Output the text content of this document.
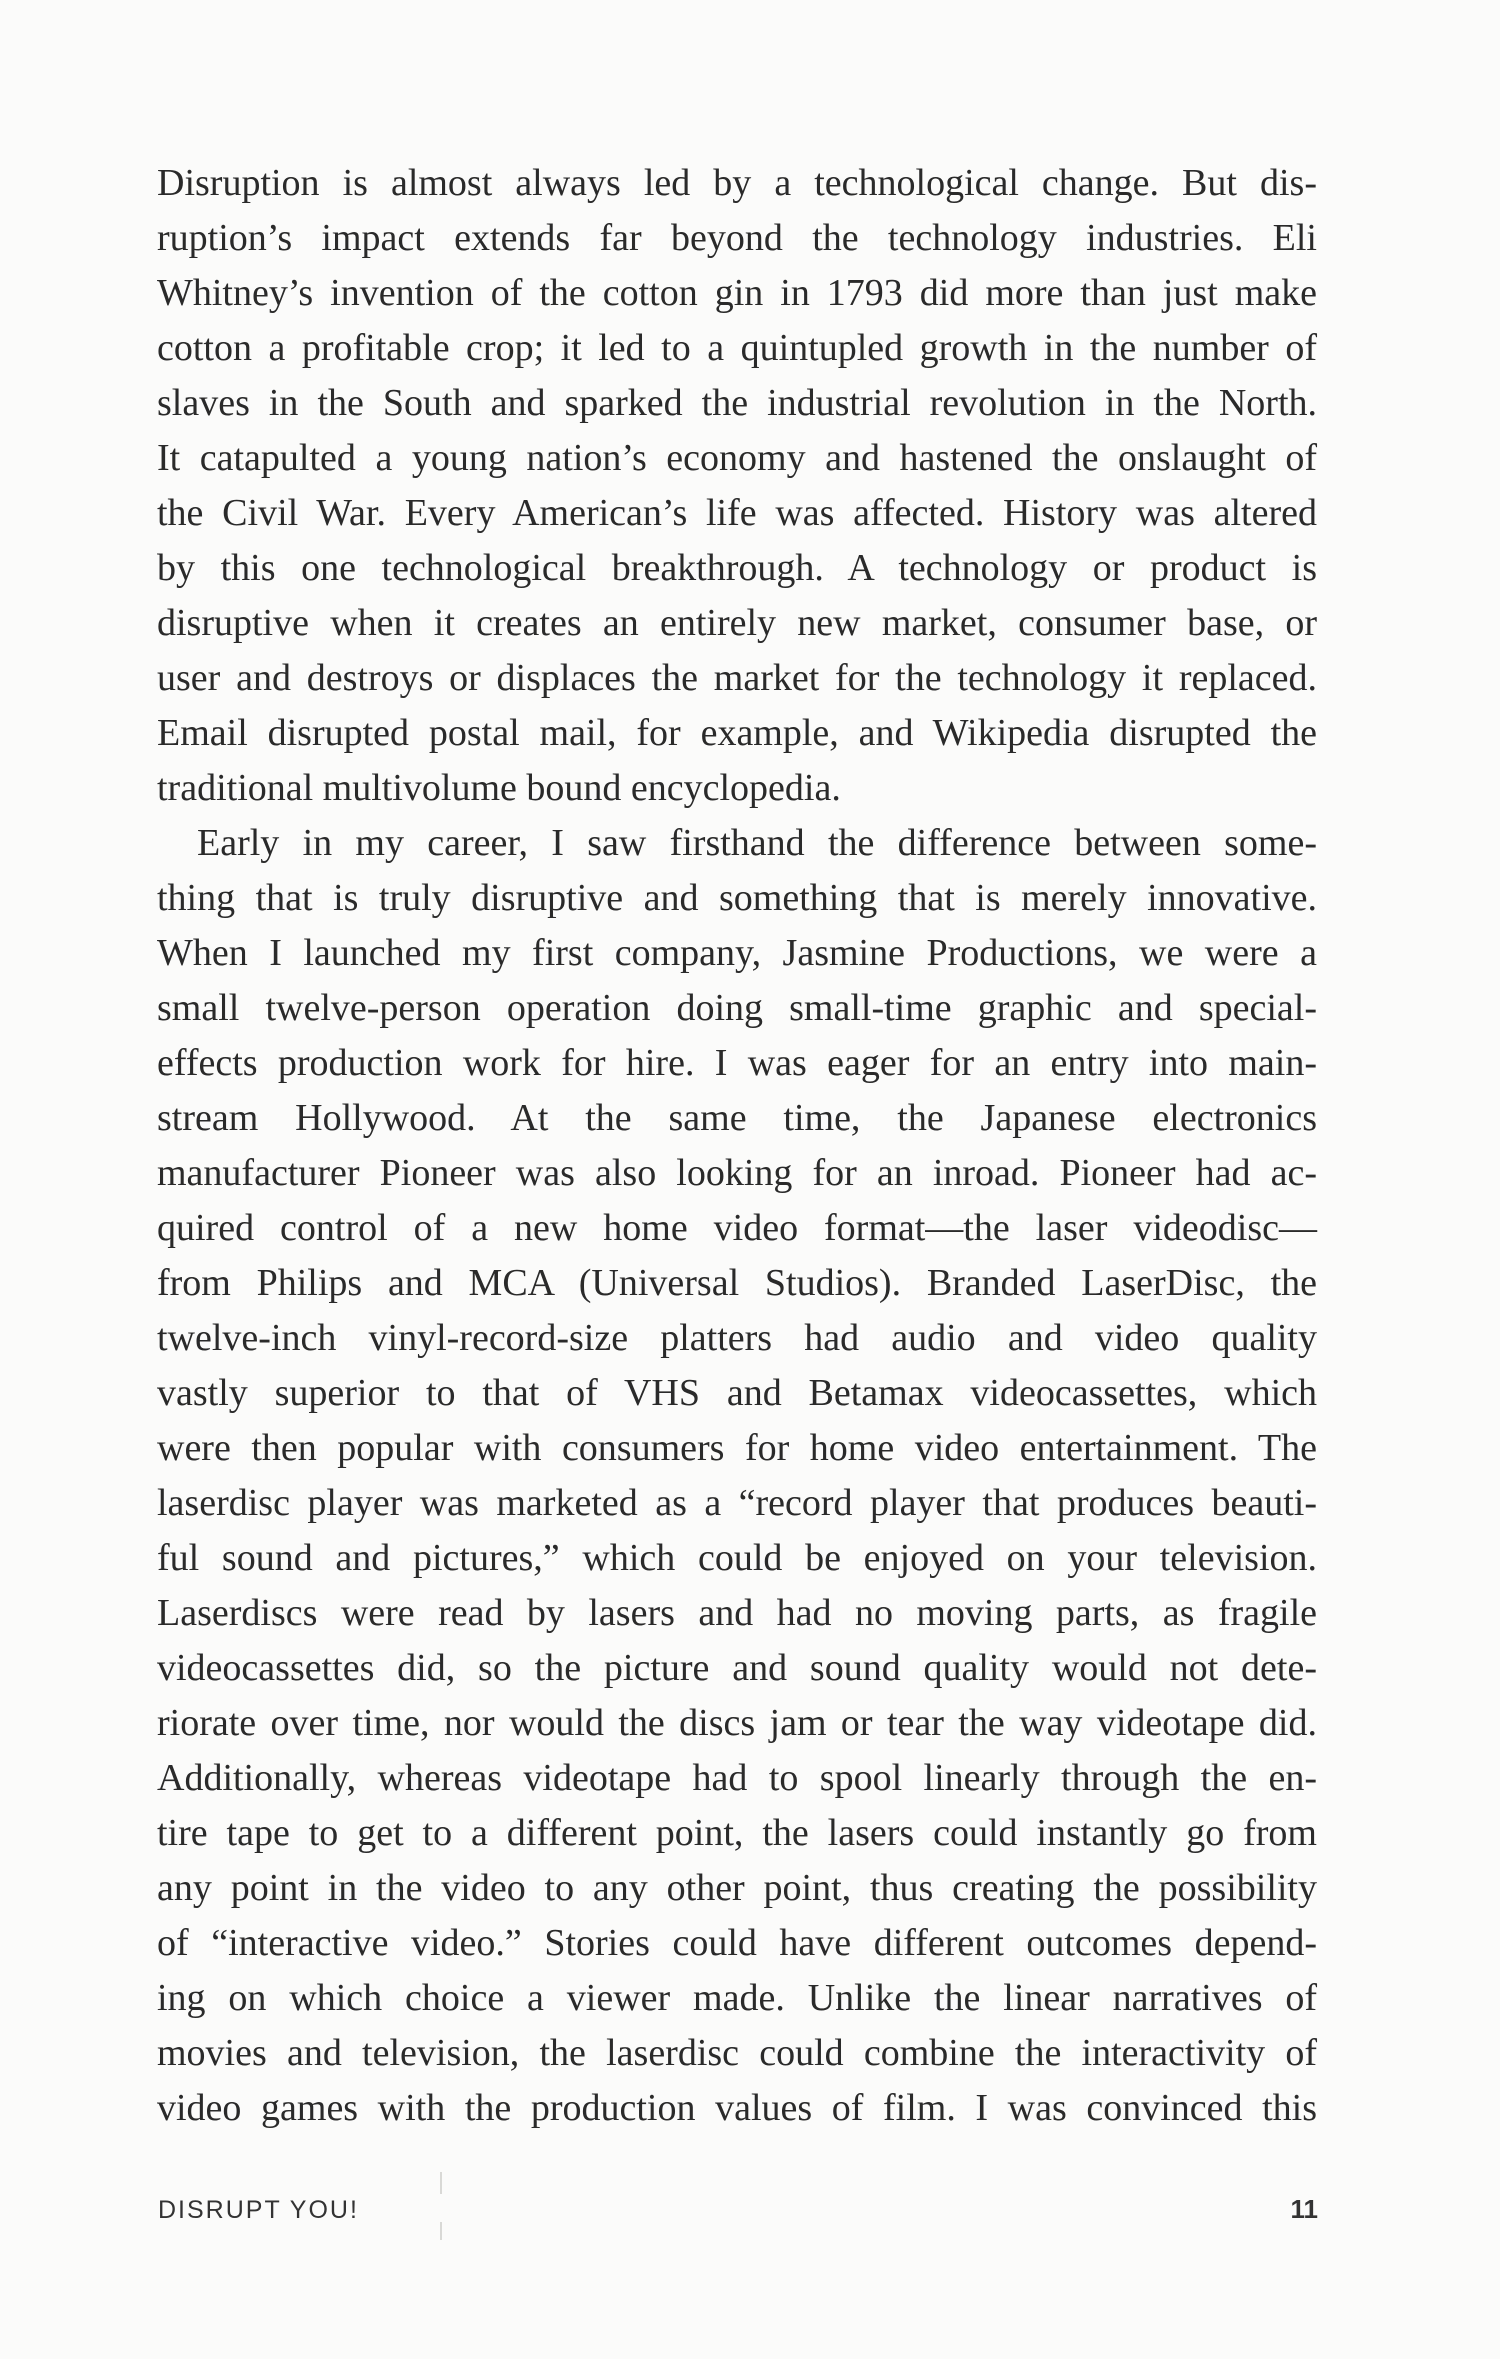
Disruption is almost always led by a technological change. But dis-
ruption’s impact extends far beyond the technology industries. Eli
Whitney’s invention of the cotton gin in 1793 did more than just make
cotton a profitable crop; it led to a quintupled growth in the number of
slaves in the South and sparked the industrial revolution in the North.
It catapulted a young nation’s economy and hastened the onslaught of
the Civil War. Every American’s life was affected. History was altered
by this one technological breakthrough. A technology or product is
disruptive when it creates an entirely new market, consumer base, or
user and destroys or displaces the market for the technology it replaced.
Email disrupted postal mail, for example, and Wikipedia disrupted the
traditional multivolume bound encyclopedia.
Early in my career, I saw firsthand the difference between some-
thing that is truly disruptive and something that is merely innovative.
When I launched my first company, Jasmine Productions, we were a
small twelve-person operation doing small-time graphic and special-
effects production work for hire. I was eager for an entry into main-
stream Hollywood. At the same time, the Japanese electronics
manufacturer Pioneer was also looking for an inroad. Pioneer had ac-
quired control of a new home video format—the laser videodisc—
from Philips and MCA (Universal Studios). Branded LaserDisc, the
twelve-inch vinyl-record-size platters had audio and video quality
vastly superior to that of VHS and Betamax videocassettes, which
were then popular with consumers for home video entertainment. The
laserdisc player was marketed as a “record player that produces beauti-
ful sound and pictures,” which could be enjoyed on your television.
Laserdiscs were read by lasers and had no moving parts, as fragile
videocassettes did, so the picture and sound quality would not dete-
riorate over time, nor would the discs jam or tear the way videotape did.
Additionally, whereas videotape had to spool linearly through the en-
tire tape to get to a different point, the lasers could instantly go from
any point in the video to any other point, thus creating the possibility
of “interactive video.” Stories could have different outcomes depend-
ing on which choice a viewer made. Unlike the linear narratives of
movies and television, the laserdisc could combine the interactivity of
video games with the production values of film. I was convinced this
DISRUPT YOU!	11
